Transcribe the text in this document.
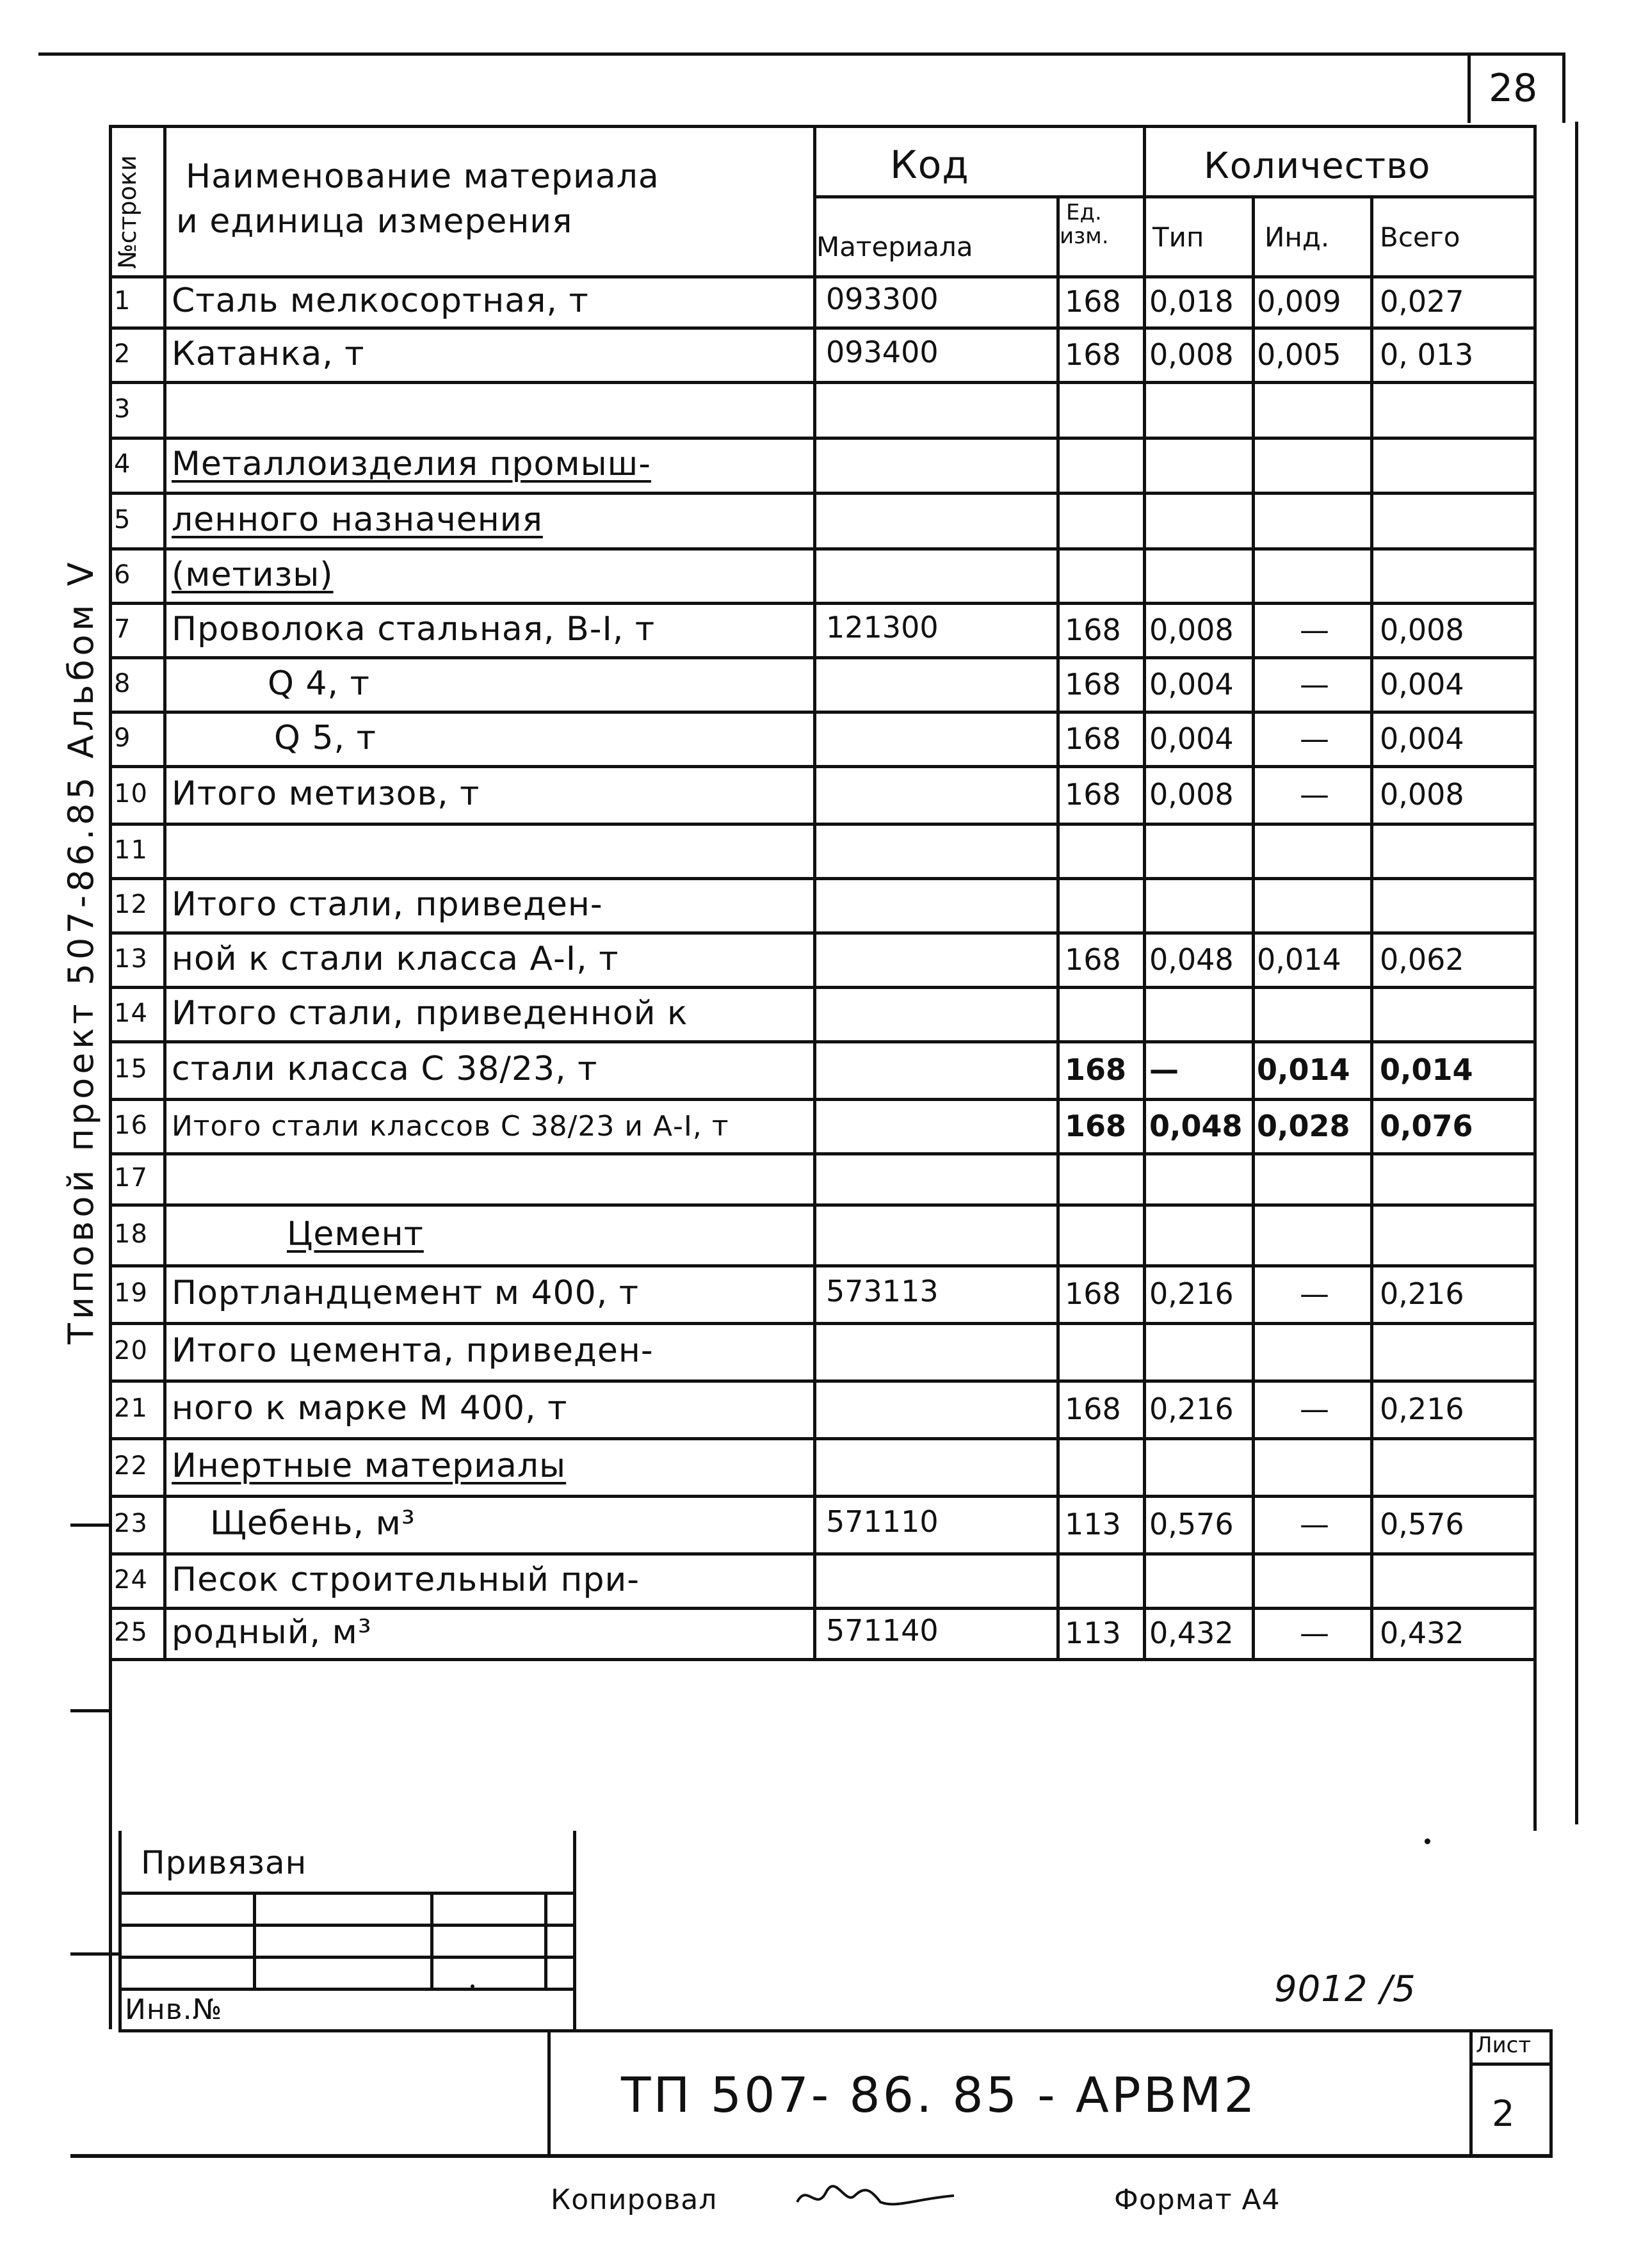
28
Типовой проект 507-86.85 Альбом V
№строки Наименование материала
и единица измерения
Код
Материала
Ед.
изм.
Количество
Тип Инд. Всего
1 Сталь мелкосортная, т	093300	168 0,018 0,009 0,027
2 Катанка, т	093400	168 0,008 0,005 0, 013
3
4 Металлоизделия промыш-
5 ленного назначения
6 (метизы)
7 Проволока стальная, В-I, т	121300	168 0,008 — 0,008
8	Q 4, т	168 0,004 — 0,004
9	Q 5, т	168 0,004 — 0,004
10 Итого метизов, т	168 0,008 — 0,008
11
12 Итого стали, приведен-
13 ной к стали класса А-I, т	168 0,048 0,014 0,062
14 Итого стали, приведенной к
15 стали класса С 38/23, т	168 —	0,014 0,014
16 Итого стали классов С 38/23 и А-I, т	168 0,048 0,028 0,076
17
18	Цемент
19 Портландцемент м 400, т	573113	168 0,216 — 0,216
20 Итого цемента, приведен-
21 ного к марке М 400, т	168 0,216 — 0,216
22 Инертные материалы
23 Щебень, м³	571110	113 0,576 — 0,576
24 Песок строительный при-
25 родный, м³	571140	113 0,432 — 0,432
Привязан
Инв.№	9012 /5
ТП 507- 86. 85 - АРВМ2
Лист
2
Копировал	Формат А4
